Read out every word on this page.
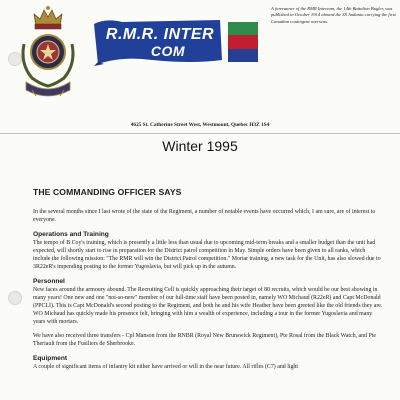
R.M.R. INTER
COM
A forerunner of the RMR Intercom, the 14th Battalion Bugler, was published in October 1914 aboard the SS Andania carrying the first Canadian contingent overseas.
4625 St. Catherine Street West, Westmount, Quebec H3Z 1S4
Winter 1995
THE COMMANDING OFFICER SAYS
In the several months since I last wrote of the state of the Regiment, a number of notable events have occurred which, I am sure, are of interest to everyone.
Operations and Training
The tempo of B Coy's training, which is presently a little less than usual due to upcoming mid-term breaks and a smaller budget than the unit had expected, will shortly start to rise in preparation for the District patrol competition in May. Simple orders have been given to all ranks, which include the following mission: "The RMR will win the District Patrol competition." Mortar training, a new task for the Unit, has also slowed due to 3R22eR's impending posting to the former Yugoslavia, but will pick up in the autumn.
Personnel
New faces around the armoury abound. The Recruiting Cell is quickly approaching their target of 80 recruits, which would be our best showing in many years! One new and one "not-so-new" member of our full-time staff have been posted in, namely WO Michaud (R22eR) and Capt McDonald (PPCLI). This is Capt McDonald's second posting to the Regiment, and both he and his wife Heather have been greeted like the old friends they are. WO Michaud has quickly made his presence felt, bringing with him a wealth of experience, including a tour in the former Yugoslavia and many years with mortars.
We have also received three transfers - Cpl Manson from the RNBR (Royal New Brunswick Regiment), Pte Rosal from the Black Watch, and Pte Theriault from the Fusiliers de Sherbrooke.
Equipment
A couple of significant items of infantry kit either have arrived or will in the near future. All rifles (C7) and light
